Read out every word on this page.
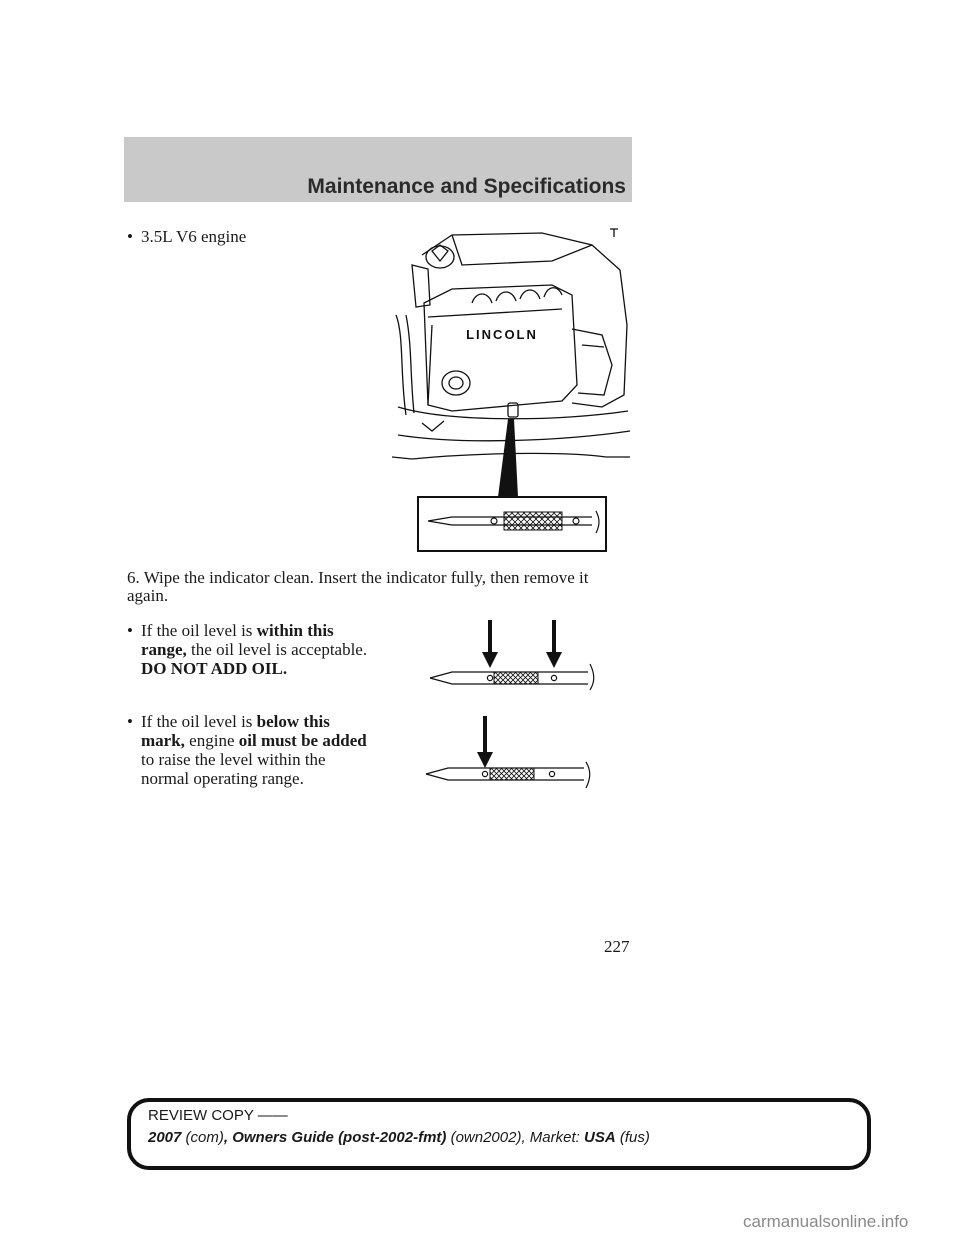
Maintenance and Specifications
• 3.5L V6 engine
LINCOLN
6. Wipe the indicator clean. Insert the indicator fully, then remove it
again.
• If the oil level is within this
range, the oil level is acceptable.
DO NOT ADD OIL.
• If the oil level is below this
mark, engine oil must be added
to raise the level within the
normal operating range.
227
REVIEW COPY ——
2007 (com), Owners Guide (post-2002-fmt) (own2002), Market: USA (fus)
carmanualsonline.info
